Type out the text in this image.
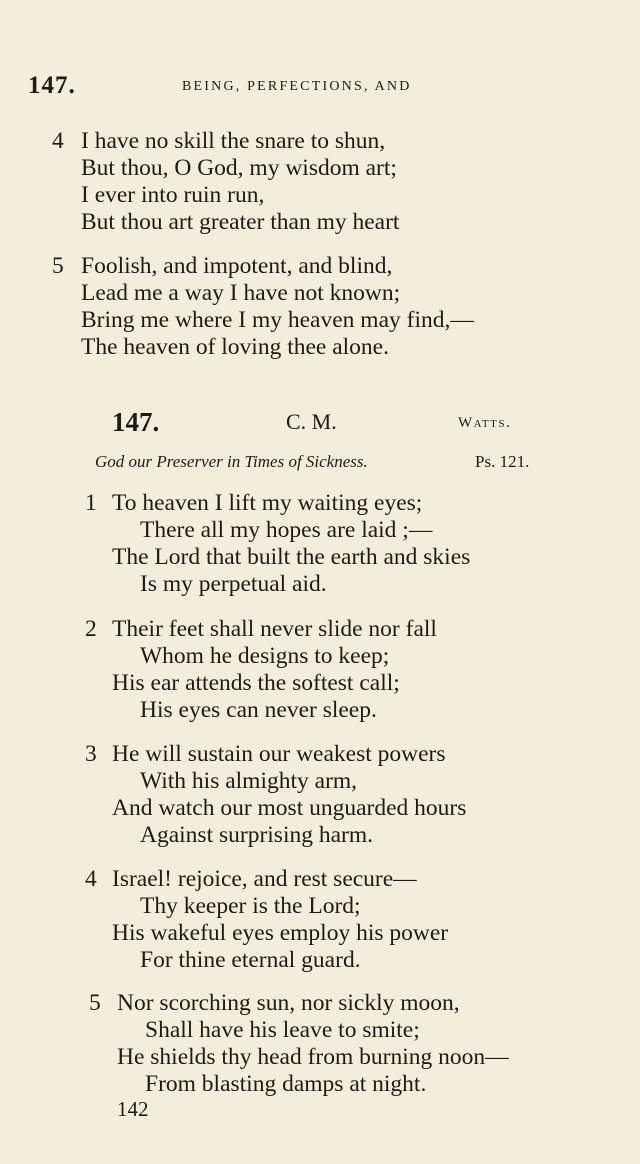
147.	BEING, PERFECTIONS, AND
4 I have no skill the snare to shun,
But thou, O God, my wisdom art;
I ever into ruin run,
But thou art greater than my heart
5 Foolish, and impotent, and blind,
Lead me a way I have not known;
Bring me where I my heaven may find,—
The heaven of loving thee alone.
147.	C. M.	Watts.
God our Preserver in Times of Sickness.	Ps. 121.
1 To heaven I lift my waiting eyes;
There all my hopes are laid ;—
The Lord that built the earth and skies
Is my perpetual aid.
2 Their feet shall never slide nor fall
Whom he designs to keep;
His ear attends the softest call;
His eyes can never sleep.
3 He will sustain our weakest powers
With his almighty arm,
And watch our most unguarded hours
Against surprising harm.
4 Israel! rejoice, and rest secure—
Thy keeper is the Lord;
His wakeful eyes employ his power
For thine eternal guard.
5 Nor scorching sun, nor sickly moon,
Shall have his leave to smite;
He shields thy head from burning noon—
From blasting damps at night.
142
